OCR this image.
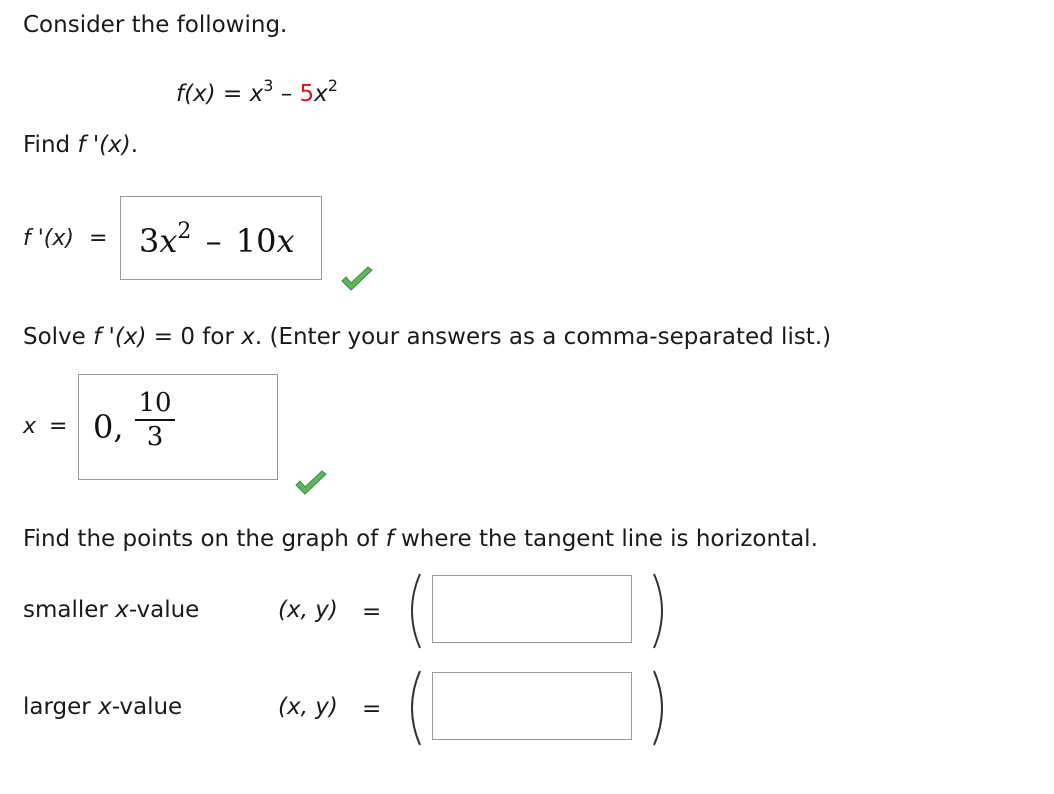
Consider the following.
$f(x) = x^3 - 5x^2$
Find f '(x).
f '$(x) = 3x^2 - 10x$
Solve f '(x) = 0 for x. (Enter your answers as a comma-separated list.)
x = 0,
10
3
Find the points on the graph of f where the tangent line is horizontal.
smaller x-value	(x, y) =
larger x-value	(x, y) =
